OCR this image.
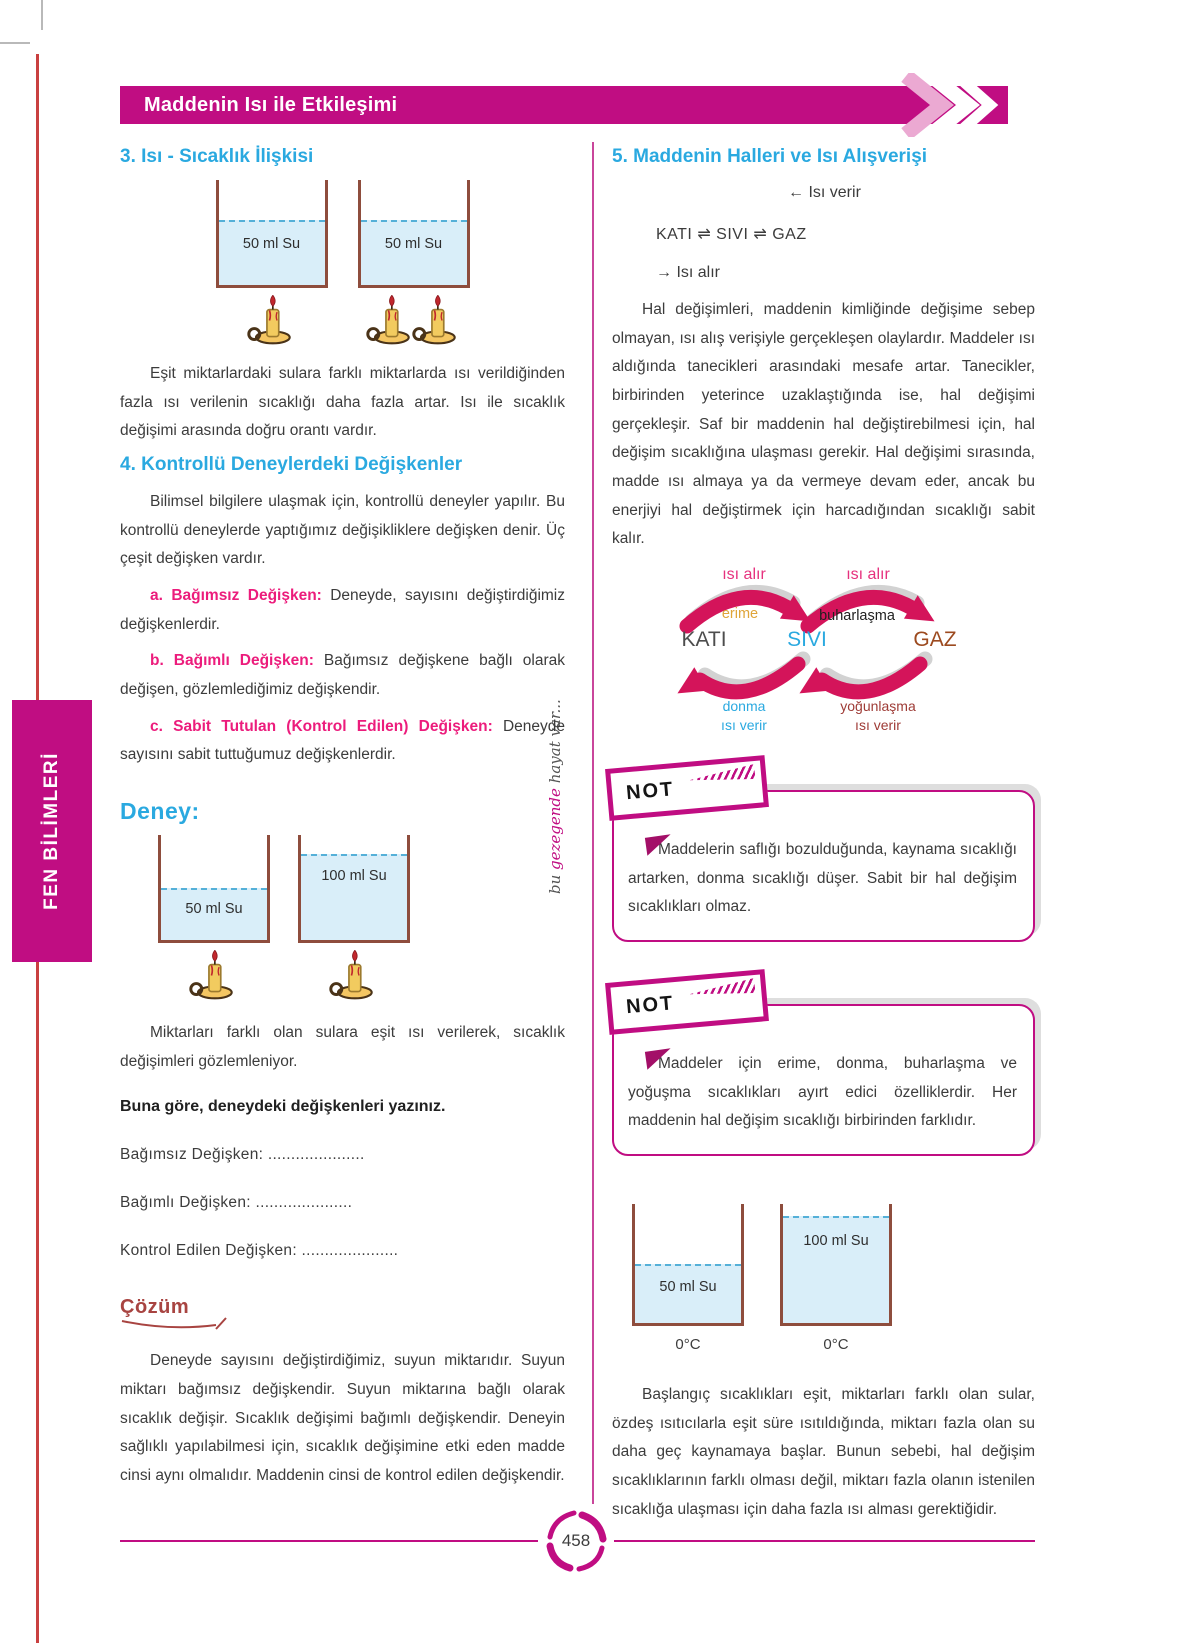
Maddenin Isı ile Etkileşimi
FEN BİLİMLERİ	bu gezegende hayat var...
3. Isı - Sıcaklık İlişkisi
50 ml Su	50 ml Su

Eşit miktarlardaki sulara farklı miktarlarda ısı verildiğinden fazla ısı verilenin sıcaklığı daha fazla artar. Isı ile sıcaklık değişimi arasında doğru orantı vardır.

4. Kontrollü Deneylerdeki Değişkenler

Bilimsel bilgilere ulaşmak için, kontrollü deneyler yapılır. Bu kontrollü deneylerde yaptığımız değişikliklere değişken denir. Üç çeşit değişken vardır.

a. Bağımsız Değişken: Deneyde, sayısını değiştirdiğimiz değişkenlerdir.

b. Bağımlı Değişken: Bağımsız değişkene bağlı olarak değişen, gözlemlediğimiz değişkendir.

c. Sabit Tutulan (Kontrol Edilen) Değişken: Deneyde sayısını sabit tuttuğumuz değişkenlerdir.

Deney:
50 ml Su
100 ml Su

Miktarları farklı olan sulara eşit ısı verilerek, sıcaklık değişimleri gözlemleniyor.

Buna göre, deneydeki değişkenleri yazınız.
Bağımsız Değişken: .....................
Bağımlı Değişken: .....................
Kontrol Edilen Değişken: .....................
Çözüm

Deneyde sayısını değiştirdiğimiz, suyun miktarıdır. Suyun miktarı bağımsız değişkendir. Suyun miktarına bağlı olarak sıcaklık değişir. Sıcaklık değişimi bağımlı değişkendir. Deneyin sağlıklı yapılabilmesi için, sıcaklık değişimine etki eden madde cinsi aynı olmalıdır. Maddenin cinsi de kontrol edilen değişkendir.

5. Maddenin Halleri ve Isı Alışverişi
← Isı verir
KATI ⇌ SIVI ⇌ GAZ
→ Isı alır

Hal değişimleri, maddenin kimliğinde değişime sebep olmayan, ısı alış verişiyle gerçekleşen olaylardır. Maddeler ısı aldığında tanecikleri arasındaki mesafe artar. Tanecikler, birbirinden yeterince uzaklaştığında ise, hal değişimi gerçekleşir. Saf bir maddenin hal değiştirebilmesi için, hal değişim sıcaklığına ulaşması gerekir. Hal değişimi sırasında, madde ısı almaya ya da vermeye devam eder, ancak bu enerjiyi hal değiştirmek için harcadığından sıcaklığı sabit kalır.

ısı alır	ısı alır
erime	buharlaşma
KATI	SIVI	GAZ
donma
ısı verir
yoğunlaşma
ısı verir
NOT

Maddelerin saflığı bozulduğunda, kaynama sıcaklığı artarken, donma sıcaklığı düşer. Sabit bir hal değişim sıcaklıkları olmaz.

NOT

Maddeler için erime, donma, buharlaşma ve yoğuşma sıcaklıkları ayırt edici özelliklerdir. Her maddenin hal değişim sıcaklığı birbirinden farklıdır.

50 ml Su
0°C
100 ml Su
0°C

Başlangıç sıcaklıkları eşit, miktarları farklı olan sular, özdeş ısıtıcılarla eşit süre ısıtıldığında, miktarı fazla olan su daha geç kaynamaya başlar. Bunun sebebi, hal değişim sıcaklıklarının farklı olması değil, miktarı fazla olanın istenilen sıcaklığa ulaşması için daha fazla ısı alması gerektiğidir.

458
